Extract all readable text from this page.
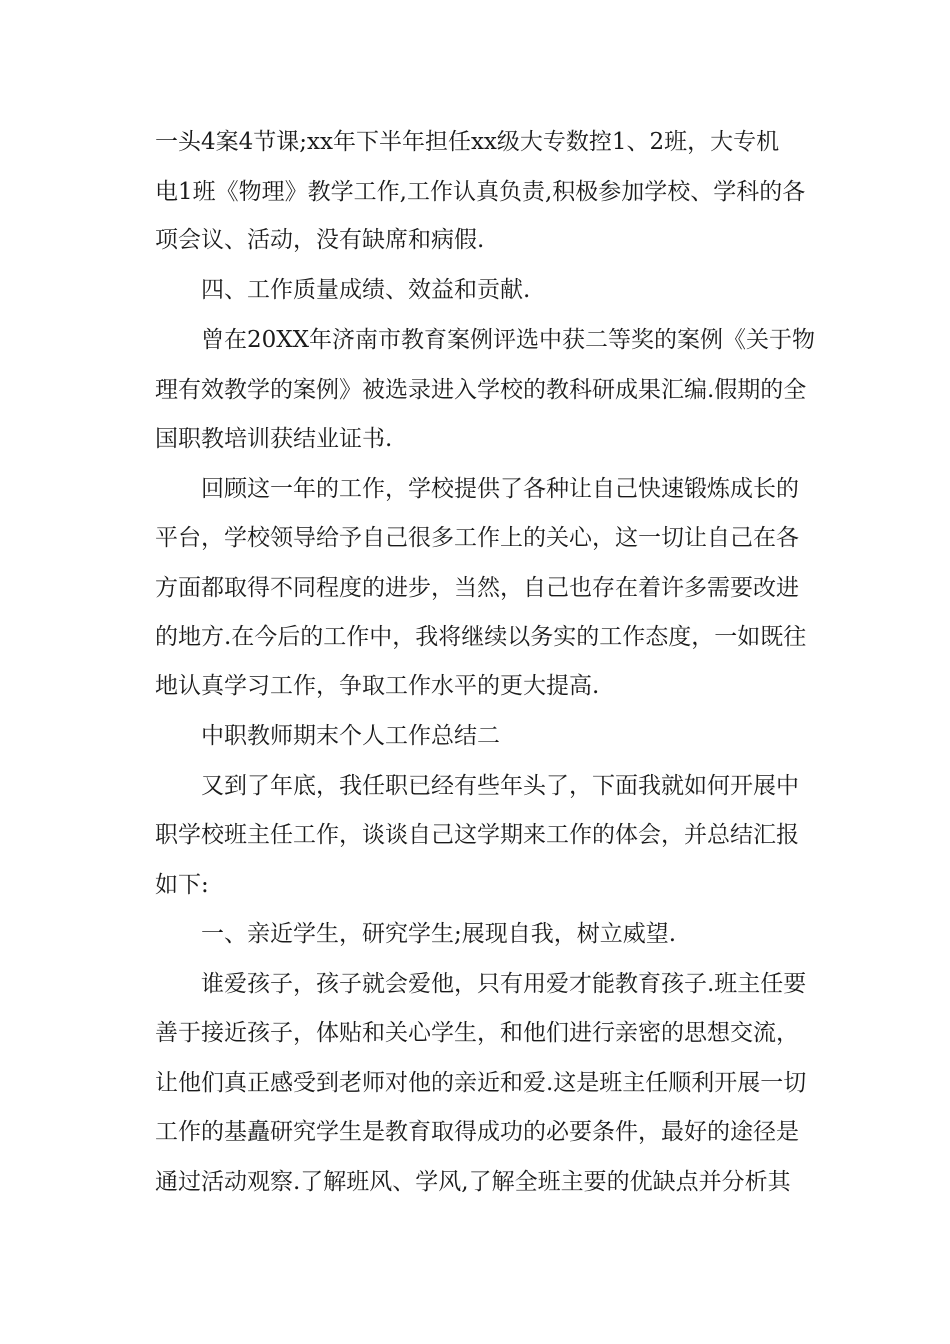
一头4案4节课;xx年下半年担任xx级大专数控1、2班，大专机
电1班《物理》教学工作,工作认真负责,积极参加学校、学科的各
项会议、活动，没有缺席和病假.
四、工作质量成绩、效益和贡献.
曾在20XX年济南市教育案例评选中获二等奖的案例《关于物
理有效教学的案例》被选录进入学校的教科研成果汇编.假期的全
国职教培训获结业证书.
回顾这一年的工作，学校提供了各种让自己快速锻炼成长的
平台，学校领导给予自己很多工作上的关心，这一切让自己在各
方面都取得不同程度的进步，当然，自己也存在着许多需要改进
的地方.在今后的工作中，我将继续以务实的工作态度，一如既往
地认真学习工作，争取工作水平的更大提高.
中职教师期末个人工作总结二
又到了年底，我任职已经有些年头了，下面我就如何开展中
职学校班主任工作，谈谈自己这学期来工作的体会，并总结汇报
如下:
一、亲近学生，研究学生;展现自我，树立威望.
谁爱孩子，孩子就会爱他，只有用爱才能教育孩子.班主任要
善于接近孩子，体贴和关心学生，和他们进行亲密的思想交流，
让他们真正感受到老师对他的亲近和爱.这是班主任顺利开展一切
工作的基矗研究学生是教育取得成功的必要条件，最好的途径是
通过活动观察.了解班风、学风,了解全班主要的优缺点并分析其
